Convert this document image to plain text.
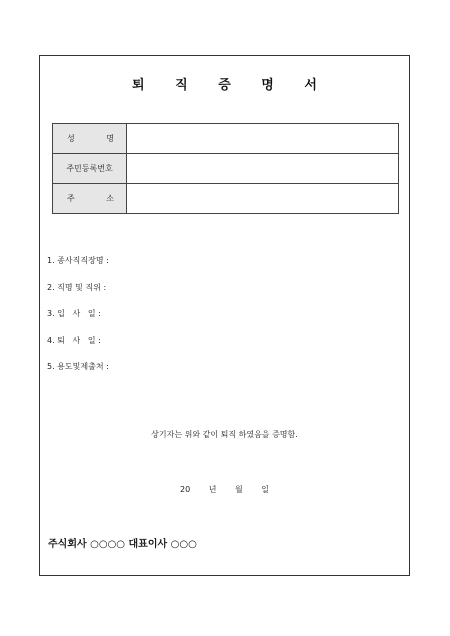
퇴 직 증 명 서
성 명	

주민등록번호	

주 소	

1. 종사직직장명 :
2. 직명 및 직위 :
3. 입   사   일 :
4. 퇴   사   일 :
5. 용도및제출처 :
상기자는 위와 같이 퇴직 하였음을 증명함.
20 년 월 일
주식회사 ○○○○ 대표이사 ○○○
